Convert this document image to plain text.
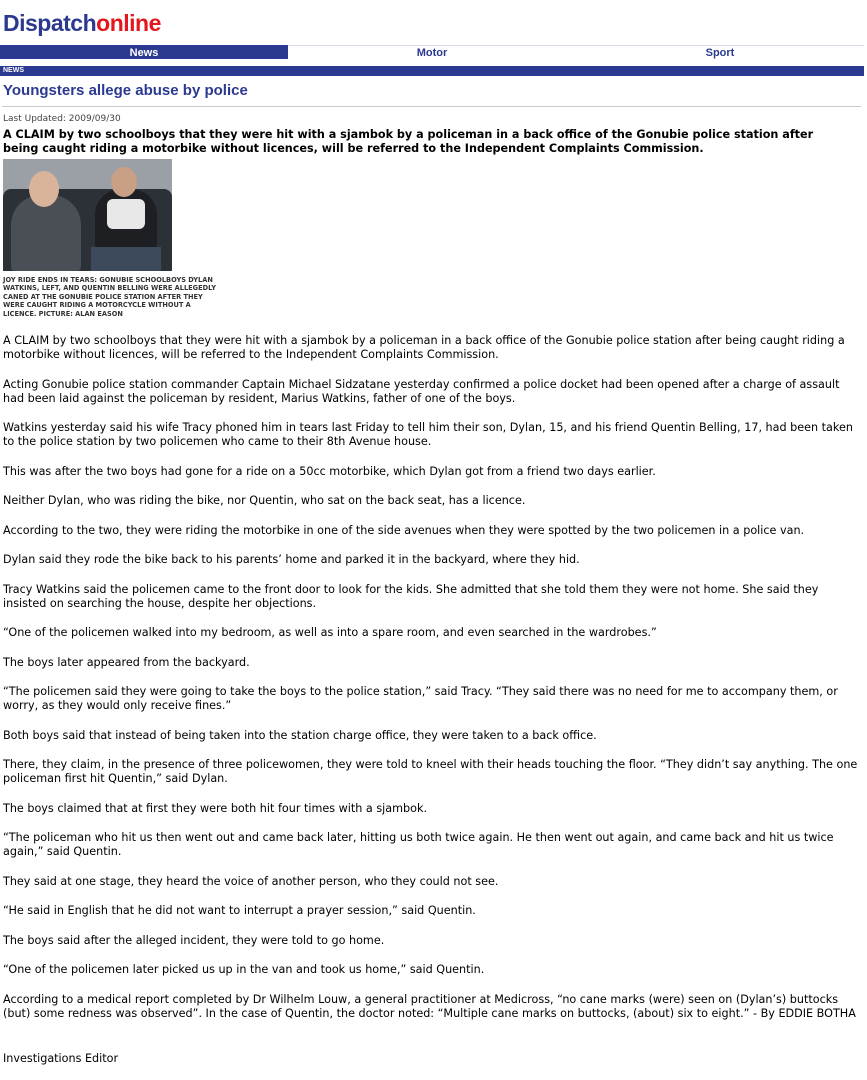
Dispatchonline
News	Motor	Sport
NEWS
Youngsters allege abuse by police
Last Updated: 2009/09/30

A CLAIM by two schoolboys that they were hit with a sjambok by a policeman in a back office of the Gonubie police station after being caught riding a motorbike without licences, will be referred to the Independent Complaints Commission.

JOY RIDE ENDS IN TEARS: GONUBIE SCHOOLBOYS DYLAN WATKINS, LEFT, AND QUENTIN BELLING WERE ALLEGEDLY CANED AT THE GONUBIE POLICE STATION AFTER THEY WERE CAUGHT RIDING A MOTORCYCLE WITHOUT A LICENCE. PICTURE: ALAN EASON

A CLAIM by two schoolboys that they were hit with a sjambok by a policeman in a back office of the Gonubie police station after being caught riding a motorbike without licences, will be referred to the Independent Complaints Commission.

Acting Gonubie police station commander Captain Michael Sidzatane yesterday confirmed a police docket had been opened after a charge of assault had been laid against the policeman by resident, Marius Watkins, father of one of the boys.

Watkins yesterday said his wife Tracy phoned him in tears last Friday to tell him their son, Dylan, 15, and his friend Quentin Belling, 17, had been taken to the police station by two policemen who came to their 8th Avenue house.

This was after the two boys had gone for a ride on a 50cc motorbike, which Dylan got from a friend two days earlier.

Neither Dylan, who was riding the bike, nor Quentin, who sat on the back seat, has a licence.

According to the two, they were riding the motorbike in one of the side avenues when they were spotted by the two policemen in a police van.

Dylan said they rode the bike back to his parents’ home and parked it in the backyard, where they hid.

Tracy Watkins said the policemen came to the front door to look for the kids. She admitted that she told them they were not home. She said they insisted on searching the house, despite her objections.

“One of the policemen walked into my bedroom, as well as into a spare room, and even searched in the wardrobes.”

The boys later appeared from the backyard.

“The policemen said they were going to take the boys to the police station,” said Tracy. “They said there was no need for me to accompany them, or worry, as they would only receive fines.”

Both boys said that instead of being taken into the station charge office, they were taken to a back office.

There, they claim, in the presence of three policewomen, they were told to kneel with their heads touching the floor. “They didn’t say anything. The one policeman first hit Quentin,” said Dylan.

The boys claimed that at first they were both hit four times with a sjambok.

“The policeman who hit us then went out and came back later, hitting us both twice again. He then went out again, and came back and hit us twice again,” said Quentin.

They said at one stage, they heard the voice of another person, who they could not see.

“He said in English that he did not want to interrupt a prayer session,” said Quentin.

The boys said after the alleged incident, they were told to go home.

“One of the policemen later picked us up in the van and took us home,” said Quentin.

According to a medical report completed by Dr Wilhelm Louw, a general practitioner at Medicross, “no cane marks (were) seen on (Dylan’s) buttocks (but) some redness was observed”. In the case of Quentin, the doctor noted: “Multiple cane marks on buttocks, (about) six to eight.” - By EDDIE BOTHA

Investigations Editor
